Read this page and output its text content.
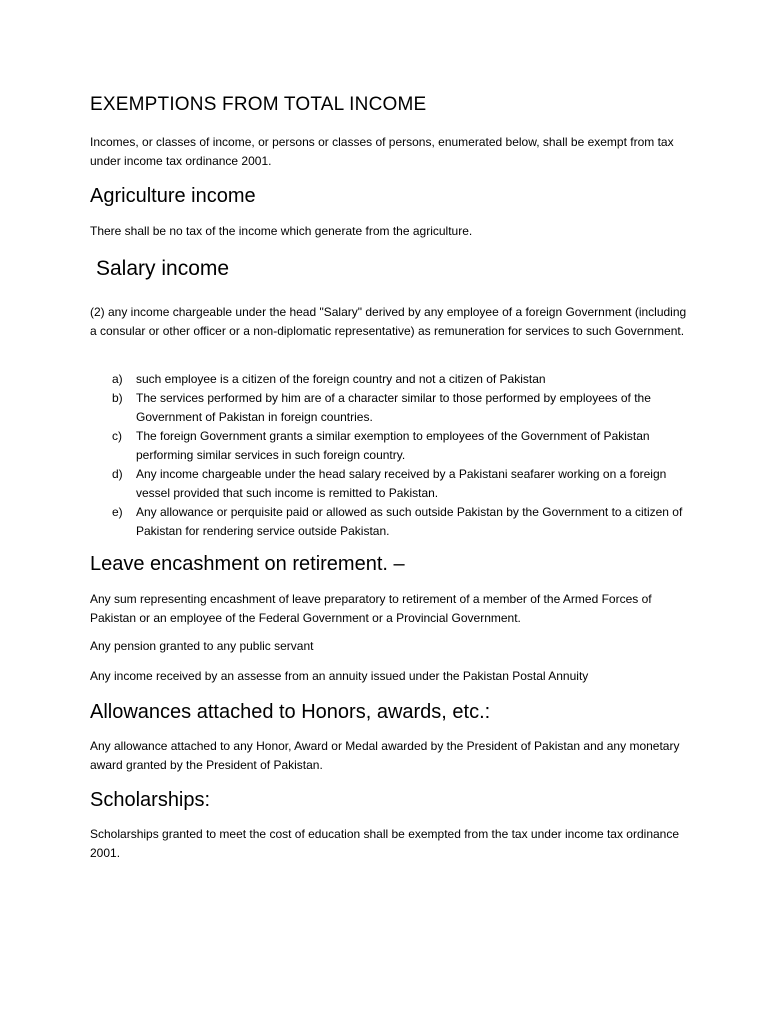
EXEMPTIONS FROM TOTAL INCOME
Incomes, or classes of income, or persons or classes of persons, enumerated below, shall be exempt from tax under income tax ordinance 2001.
Agriculture income
There shall be no tax of the income which generate from the agriculture.
Salary income
(2) any income chargeable under the head "Salary" derived by any employee of a foreign Government (including a consular or other officer or a non-diplomatic representative) as remuneration for services to such Government.
a) such employee is a citizen of the foreign country and not a citizen of Pakistan
b) The services performed by him are of a character similar to those performed by employees of the Government of Pakistan in foreign countries.
c) The foreign Government grants a similar exemption to employees of the Government of Pakistan performing similar services in such foreign country.
d) Any income chargeable under the head salary received by a Pakistani seafarer working on a foreign vessel provided that such income is remitted to Pakistan.
e) Any allowance or perquisite paid or allowed as such outside Pakistan by the Government to a citizen of Pakistan for rendering service outside Pakistan.
Leave encashment on retirement. –
Any sum representing encashment of leave preparatory to retirement of a member of the Armed Forces of Pakistan or an employee of the Federal Government or a Provincial Government.
Any pension granted to any public servant
Any income received by an assesse from an annuity issued under the Pakistan Postal Annuity
Allowances attached to Honors, awards, etc.:
Any allowance attached to any Honor, Award or Medal awarded by the President of Pakistan and any monetary award granted by the President of Pakistan.
Scholarships:
Scholarships granted to meet the cost of education shall be exempted from the tax under income tax ordinance 2001.
